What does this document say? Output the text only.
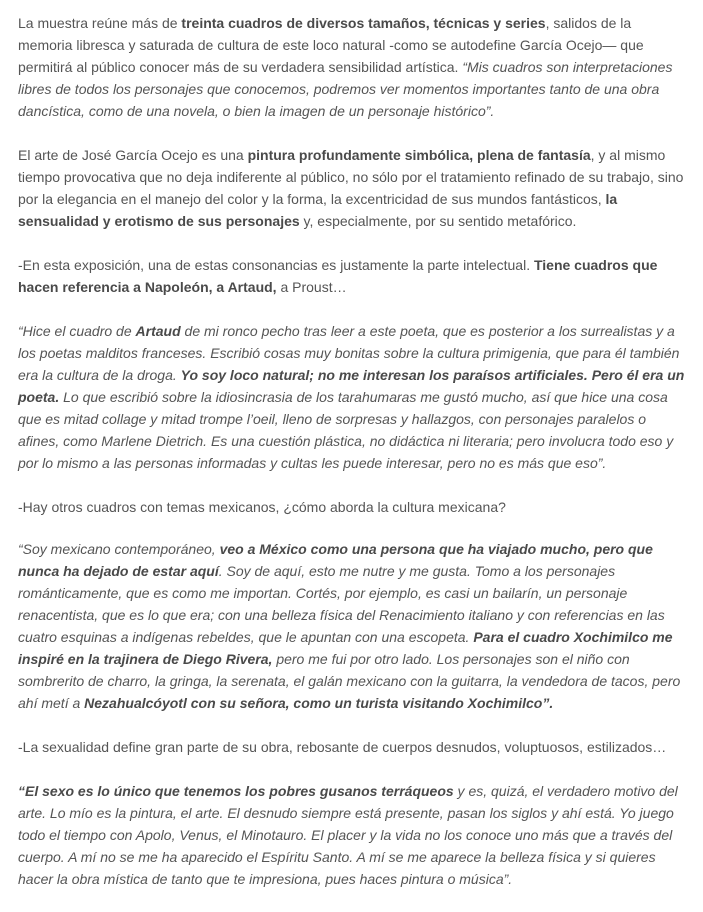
La muestra reúne más de treinta cuadros de diversos tamaños, técnicas y series, salidos de la memoria librescа y saturada de cultura de este loco natural -como se autodefine García Ocejo— que permitirá al público conocer más de su verdadera sensibilidad artística. “Mis cuadros son interpretaciones libres de todos los personajes que conocemos, podremos ver momentos importantes tanto de una obra dancística, como de una novela, o bien la imagen de un personaje histórico”.

El arte de José García Ocejo es una pintura profundamente simbólica, plena de fantasía, y al mismo tiempo provocativa que no deja indiferente al público, no sólo por el tratamiento refinado de su trabajo, sino por la elegancia en el manejo del color y la forma, la excentricidad de sus mundos fantásticos, la sensualidad y erotismo de sus personajes y, especialmente, por su sentido metafórico.

-En esta exposición, una de estas consonancias es justamente la parte intelectual. Tiene cuadros que hacen referencia a Napoleón, a Artaud, a Proust…

“Hice el cuadro de Artaud de mi ronco pecho tras leer a este poeta, que es posterior a los surrealistas y a los poetas malditos franceses. Escribió cosas muy bonitas sobre la cultura primigenia, que para él también era la cultura de la droga. Yo soy loco natural; no me interesan los paraísos artificiales. Pero él era un poeta. Lo que escribió sobre la idiosincrasia de los tarahumaras me gustó mucho, así que hice una cosa que es mitad collage y mitad trompe l’oeil, lleno de sorpresas y hallazgos, con personajes paralelos o afines, como Marlene Dietrich. Es una cuestión plástica, no didáctica ni literaria; pero involucra todo eso y por lo mismo a las personas informadas y cultas les puede interesar, pero no es más que eso”.

-Hay otros cuadros con temas mexicanos, ¿cómo aborda la cultura mexicana?

“Soy mexicano contemporáneo, veo a México como una persona que ha viajado mucho, pero que nunca ha dejado de estar aquí. Soy de aquí, esto me nutre y me gusta. Tomo a los personajes románticamente, que es como me importan. Cortés, por ejemplo, es casi un bailarín, un personaje renacentista, que es lo que era; con una belleza física del Renacimiento italiano y con referencias en las cuatro esquinas a indígenas rebeldes, que le apuntan con una escopeta. Para el cuadro Xochimilco me inspiré en la trajinera de Diego Rivera, pero me fui por otro lado. Los personajes son el niño con sombrerito de charro, la gringa, la serenata, el galán mexicano con la guitarra, la vendedora de tacos, pero ahí metí a Nezahualcóyotl con su señora, como un turista visitando Xochimilco”.

-La sexualidad define gran parte de su obra, rebosante de cuerpos desnudos, voluptuosos, estilizados…

“El sexo es lo único que tenemos los pobres gusanos terráqueos y es, quizá, el verdadero motivo del arte. Lo mío es la pintura, el arte. El desnudo siempre está presente, pasan los siglos y ahí está. Yo juego todo el tiempo con Apolo, Venus, el Minotauro. El placer y la vida no los conoce uno más que a través del cuerpo. A mí no se me ha aparecido el Espíritu Santo. A mí se me aparece la belleza física y si quieres hacer la obra mística de tanto que te impresiona, pues haces pintura o música”.
